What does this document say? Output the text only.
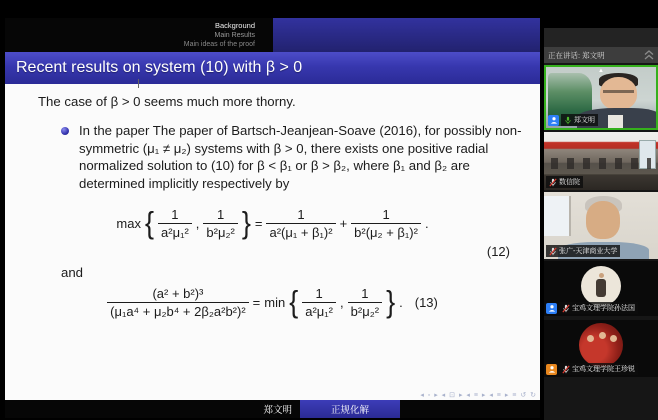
Background
Main Results
Main ideas of the proof
Recent results on system (10) with β > 0
The case of β > 0 seems much more thorny.
In the paper The paper of Bartsch-Jeanjean-Soave (2016), for possibly non-symmetric (μ₁ ≠ μ₂) systems with β > 0, there exists one positive radial normalized solution to (10) for β < β₁ or β > β₂, where β₁ and β₂ are determined implicitly respectively by
max { $\frac{1}{\text{a²μ₁²}}$ , $\frac{1}{\text{b²μ₂²}}$ } = $\frac{1}{\text{a²(μ₁ + β₁)²}} + \frac{1}{\text{b²(μ₂ + β₁)²}}$ .
(12)
and
$\frac{\text{(a² + b²)³}}{\text{(μ₁a⁴ + μ₂b⁴ + 2β₂a²b²)²}} = \min$ { $\frac{1}{\text{a²μ₁²}}$ , $\frac{1}{\text{b²μ₂²}}$ } . (13)
◂ ▫ ▸ ◂ ⊡ ▸ ◂ ≡ ▸ ◂ ≡ ▸ ≡ ↺ ↻
郑文明	正规化解
正在讲话: 郑文明
▲
郑文明
数信院
张广-天津商业大学
宝鸡文理学院孙法国
宝鸡文理学院王珍锐
